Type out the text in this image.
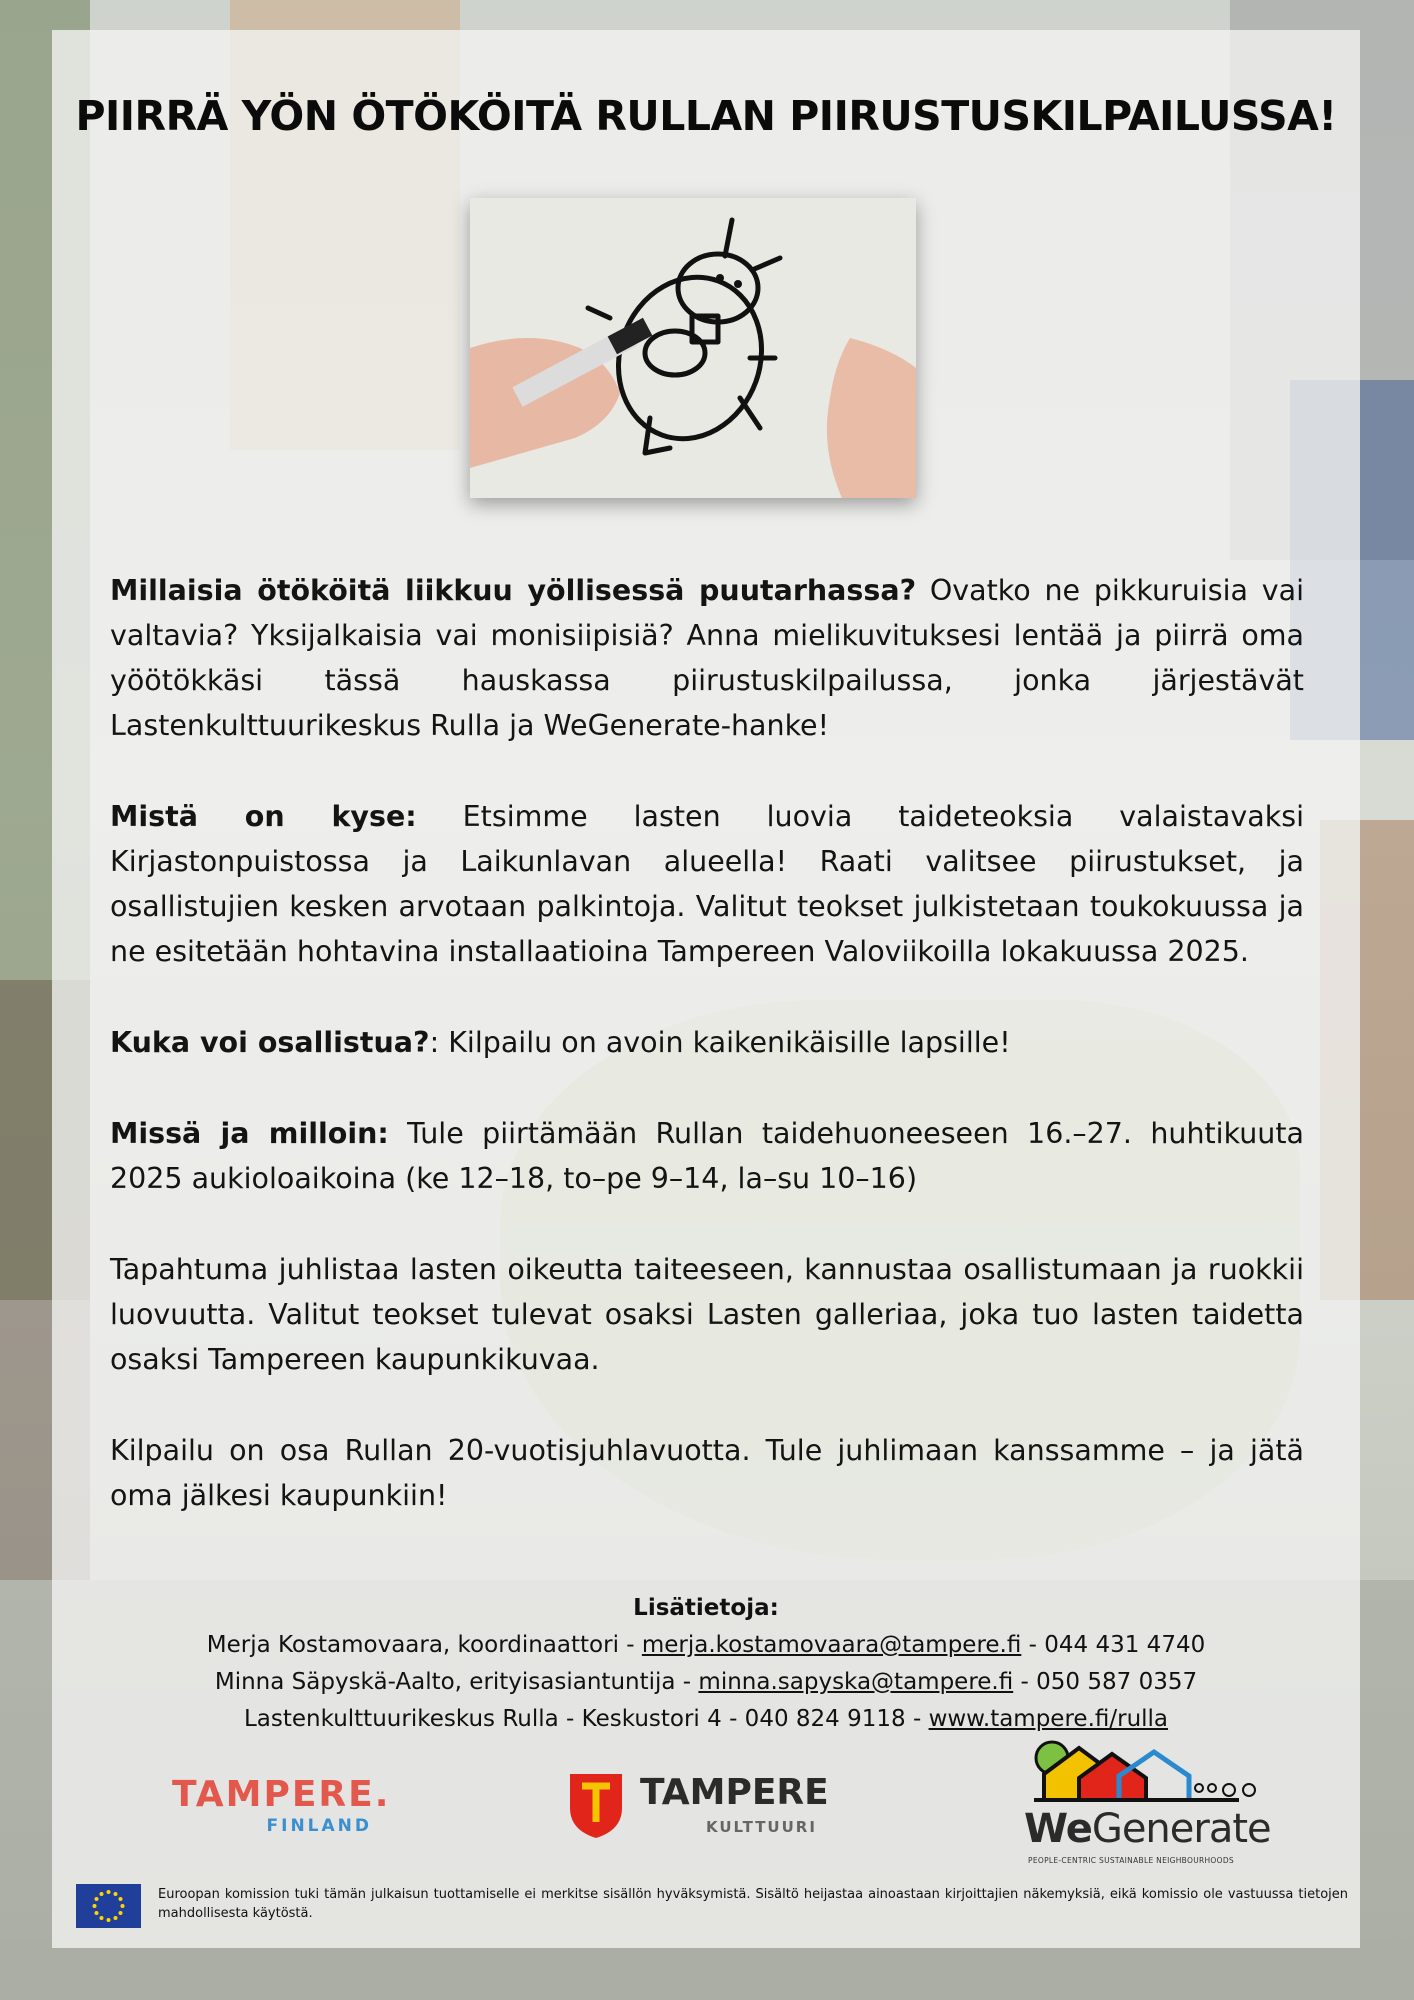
PIIRRÄ YÖN ÖTÖKÖITÄ RULLAN PIIRUSTUSKILPAILUSSA!

Millaisia ötököitä liikkuu yöllisessä puutarhassa? Ovatko ne pikkuruisia vai valtavia? Yksijalkaisia vai monisiipisiä? Anna mielikuvituksesi lentää ja piirrä oma yöötökkäsi tässä hauskassa piirustuskilpailussa, jonka järjestävät Lastenkulttuurikeskus Rulla ja WeGenerate-hanke!

Mistä on kyse: Etsimme lasten luovia taideteoksia valaistavaksi Kirjastonpuistossa ja Laikunlavan alueella! Raati valitsee piirustukset, ja osallistujien kesken arvotaan palkintoja. Valitut teokset julkistetaan toukokuussa ja ne esitetään hohtavina installaatioina Tampereen Valoviikoilla lokakuussa 2025.

Kuka voi osallistua?: Kilpailu on avoin kaikenikäisille lapsille!

Missä ja milloin: Tule piirtämään Rullan taidehuoneeseen 16.–27. huhtikuuta 2025 aukioloaikoina (ke 12–18, to–pe 9–14, la–su 10–16)

Tapahtuma juhlistaa lasten oikeutta taiteeseen, kannustaa osallistumaan ja ruokkii luovuutta. Valitut teokset tulevat osaksi Lasten galleriaa, joka tuo lasten taidetta osaksi Tampereen kaupunkikuvaa.

Kilpailu on osa Rullan 20-vuotisjuhlavuotta. Tule juhlimaan kanssamme – ja jätä oma jälkesi kaupunkiin!

Lisätietoja:
Merja Kostamovaara, koordinaattori - merja.kostamovaara@tampere.fi - 044 431 4740
Minna Säpyskä-Aalto, erityisasiantuntija - minna.sapyska@tampere.fi - 050 587 0357
Lastenkulttuurikeskus Rulla - Keskustori 4 - 040 824 9118 - www.tampere.fi/rulla
TAMPERE.
FINLAND
TAMPERE
KULTTUURI	WeGenerate
PEOPLE-CENTRIC SUSTAINABLE NEIGHBOURHOODS
Euroopan komission tuki tämän julkaisun tuottamiselle ei merkitse sisällön hyväksymistä. Sisältö heijastaa ainoastaan kirjoittajien näkemyksiä, eikä komissio ole vastuussa tietojen mahdollisesta käytöstä.
